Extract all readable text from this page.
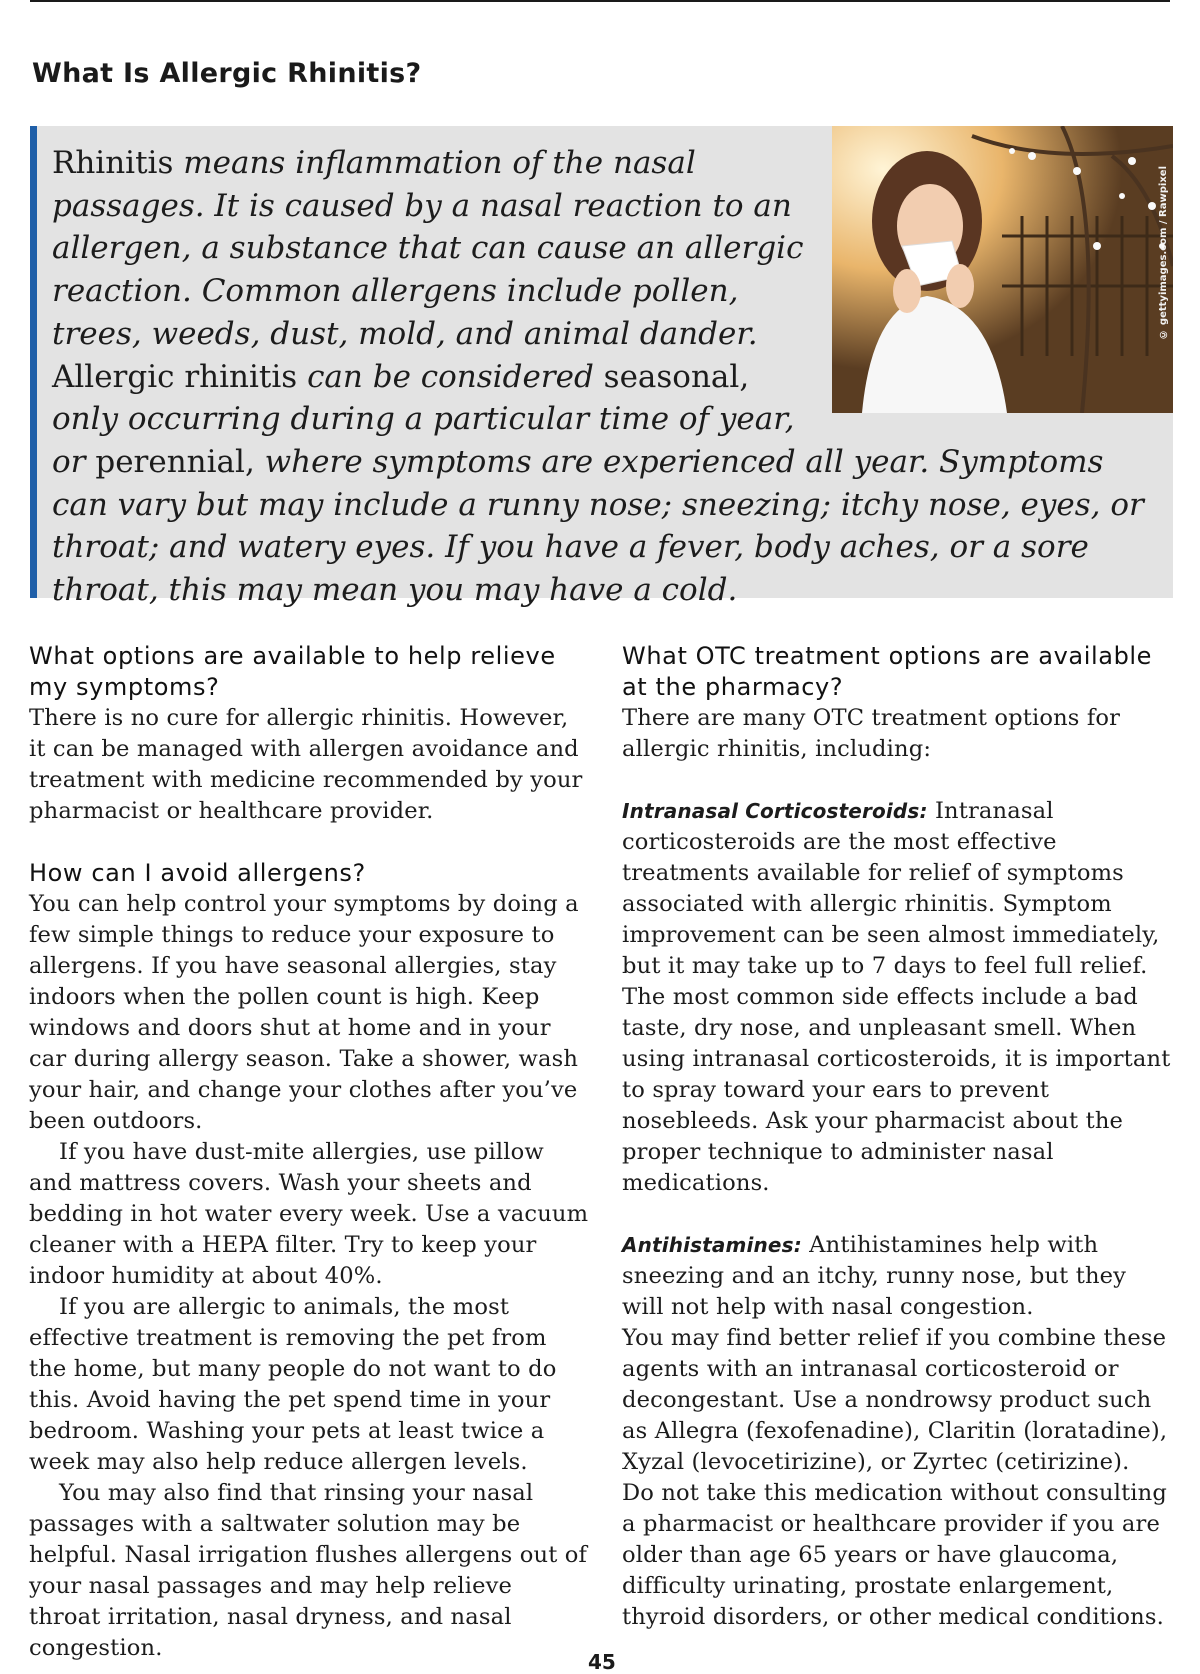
What Is Allergic Rhinitis?
© gettyimages.com / Rawpixel

Rhinitis means inflammation of the nasal passages. It is caused by a nasal reaction to an allergen, a substance that can cause an allergic reaction. Common allergens include pollen, trees, weeds, dust, mold, and animal dander. Allergic rhinitis can be considered seasonal, only occurring during a particular time of year, or perennial, where symptoms are experienced all year. Symptoms can vary but may include a runny nose; sneezing; itchy nose, eyes, or throat; and watery eyes. If you have a fever, body aches, or a sore throat, this may mean you may have a cold.

What options are available to help relieve my symptoms?

There is no cure for allergic rhinitis. However, it can be managed with allergen avoidance and treatment with medicine recommended by your pharmacist or healthcare provider.

How can I avoid allergens?

You can help control your symptoms by doing a few simple things to reduce your exposure to allergens. If you have seasonal allergies, stay indoors when the pollen count is high. Keep windows and doors shut at home and in your car during allergy season. Take a shower, wash your hair, and change your clothes after you’ve been outdoors.

If you have dust-mite allergies, use pillow and mattress covers. Wash your sheets and bedding in hot water every week. Use a vacuum cleaner with a HEPA filter. Try to keep your indoor humidity at about 40%.

If you are allergic to animals, the most effective treatment is removing the pet from the home, but many people do not want to do this. Avoid having the pet spend time in your bedroom. Washing your pets at least twice a week may also help reduce allergen levels.

You may also find that rinsing your nasal passages with a saltwater solution may be helpful. Nasal irrigation flushes allergens out of your nasal passages and may help relieve throat irritation, nasal dryness, and nasal congestion.

What OTC treatment options are available at the pharmacy?

There are many OTC treatment options for allergic rhinitis, including:

Intranasal Corticosteroids: Intranasal corticosteroids are the most effective treatments available for relief of symptoms associated with allergic rhinitis. Symptom improvement can be seen almost immediately, but it may take up to 7 days to feel full relief. The most common side effects include a bad taste, dry nose, and unpleasant smell. When using intranasal corticosteroids, it is important to spray toward your ears to prevent nosebleeds. Ask your pharmacist about the proper technique to administer nasal medications.

Antihistamines: Antihistamines help with sneezing and an itchy, runny nose, but they will not help with nasal congestion.

You may find better relief if you combine these agents with an intranasal corticosteroid or decongestant. Use a nondrowsy product such as Allegra (fexofenadine), Claritin (loratadine), Xyzal (levocetirizine), or Zyrtec (cetirizine).

Do not take this medication without consulting a pharmacist or healthcare provider if you are older than age 65 years or have glaucoma, difficulty urinating, prostate enlargement, thyroid disorders, or other medical conditions.

45
